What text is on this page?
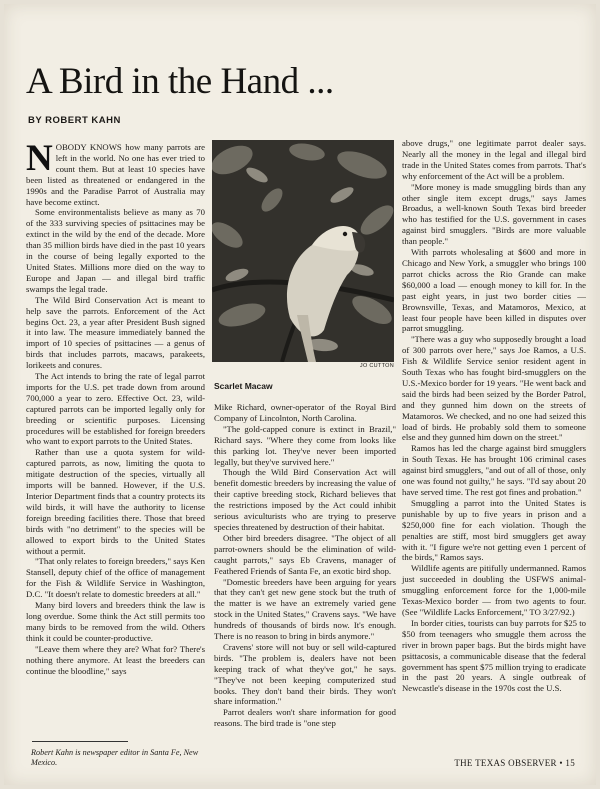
A Bird in the Hand ...
BY ROBERT KAHN

NOBODY KNOWS how many parrots are left in the world. No one has ever tried to count them. But at least 10 species have been listed as threatened or endangered in the 1990s and the Paradise Parrot of Australia may have become extinct.

Some environmentalists believe as many as 70 of the 333 surviving species of psittacines may be extinct in the wild by the end of the decade. More than 35 million birds have died in the past 10 years in the course of being legally exported to the United States. Millions more died on the way to Europe and Japan — and illegal bird traffic swamps the legal trade.

The Wild Bird Conservation Act is meant to help save the parrots. Enforcement of the Act begins Oct. 23, a year after President Bush signed it into law. The measure immediately banned the import of 10 species of psittacines — a genus of birds that includes parrots, macaws, parakeets, lorikeets and conures.

The Act intends to bring the rate of legal parrot imports for the U.S. pet trade down from around 700,000 a year to zero. Effective Oct. 23, wild-captured parrots can be imported legally only for breeding or scientific purposes. Licensing procedures will be established for foreign breeders who want to export parrots to the United States.

Rather than use a quota system for wild-captured parrots, as now, limiting the quota to mitigate destruction of the species, virtually all imports will be banned. However, if the U.S. Interior Department finds that a country protects its wild birds, it will have the authority to license foreign breeding facilities there. Those that breed birds with "no detriment" to the species will be allowed to export birds to the United States without a permit.

"That only relates to foreign breeders," says Ken Stansell, deputy chief of the office of management for the Fish & Wildlife Service in Washington, D.C. "It doesn't relate to domestic breeders at all."

Many bird lovers and breeders think the law is long overdue. Some think the Act still permits too many birds to be removed from the wild. Others think it could be counter-productive.

"Leave them where they are? What for? There's nothing there anymore. At least the breeders can continue the bloodline," says

JO CUTTON
Scarlet Macaw

Mike Richard, owner-operator of the Royal Bird Company of Lincolnton, North Carolina.

"The gold-capped conure is extinct in Brazil," Richard says. "Where they come from looks like this parking lot. They've never been imported legally, but they've survived here."

Though the Wild Bird Conservation Act will benefit domestic breeders by increasing the value of their captive breeding stock, Richard believes that the restrictions imposed by the Act could inhibit serious aviculturists who are trying to preserve species threatened by destruction of their habitat.

Other bird breeders disagree. "The object of all parrot-owners should be the elimination of wild-caught parrots," says Eb Cravens, manager of Feathered Friends of Santa Fe, an exotic bird shop.

"Domestic breeders have been arguing for years that they can't get new gene stock but the truth of the matter is we have an extremely varied gene stock in the United States," Cravens says. "We have hundreds of thousands of birds now. It's enough. There is no reason to bring in birds anymore."

Cravens' store will not buy or sell wild-captured birds. "The problem is, dealers have not been keeping track of what they've got," he says. "They've not been keeping computerized stud books. They don't band their birds. They won't share information."

Parrot dealers won't share information for good reasons. The bird trade is "one step

above drugs," one legitimate parrot dealer says. Nearly all the money in the legal and illegal bird trade in the United States comes from parrots. That's why enforcement of the Act will be a problem.

"More money is made smuggling birds than any other single item except drugs," says James Broadus, a well-known South Texas bird breeder who has testified for the U.S. government in cases against bird smugglers. "Birds are more valuable than people."

With parrots wholesaling at $600 and more in Chicago and New York, a smuggler who brings 100 parrot chicks across the Rio Grande can make $60,000 a load — enough money to kill for. In the past eight years, in just two border cities — Brownsville, Texas, and Matamoros, Mexico, at least four people have been killed in disputes over parrot smuggling.

"There was a guy who supposedly brought a load of 300 parrots over here," says Joe Ramos, a U.S. Fish & Wildlife Service senior resident agent in South Texas who has fought bird-smugglers on the U.S.-Mexico border for 19 years. "He went back and said the birds had been seized by the Border Patrol, and they gunned him down on the streets of Matamoros. We checked, and no one had seized this load of birds. He probably sold them to someone else and they gunned him down on the street."

Ramos has led the charge against bird smugglers in South Texas. He has brought 106 criminal cases against bird smugglers, "and out of all of those, only one was found not guilty," he says. "I'd say about 20 have served time. The rest got fines and probation."

Smuggling a parrot into the United States is punishable by up to five years in prison and a $250,000 fine for each violation. Though the penalties are stiff, most bird smugglers get away with it. "I figure we're not getting even 1 percent of the birds," Ramos says.

Wildlife agents are pitifully undermanned. Ramos just succeeded in doubling the USFWS animal-smuggling enforcement force for the 1,000-mile Texas-Mexico border — from two agents to four. (See "Wildlife Lacks Enforcement," TO 3/27/92.)

In border cities, tourists can buy parrots for $25 to $50 from teenagers who smuggle them across the river in brown paper bags. But the birds might have psittacosis, a communicable disease that the federal government has spent $75 million trying to eradicate in the past 20 years. A single outbreak of Newcastle's disease in the 1970s cost the U.S.

Robert Kahn is newspaper editor in Santa Fe, New Mexico.	THE TEXAS OBSERVER • 15
